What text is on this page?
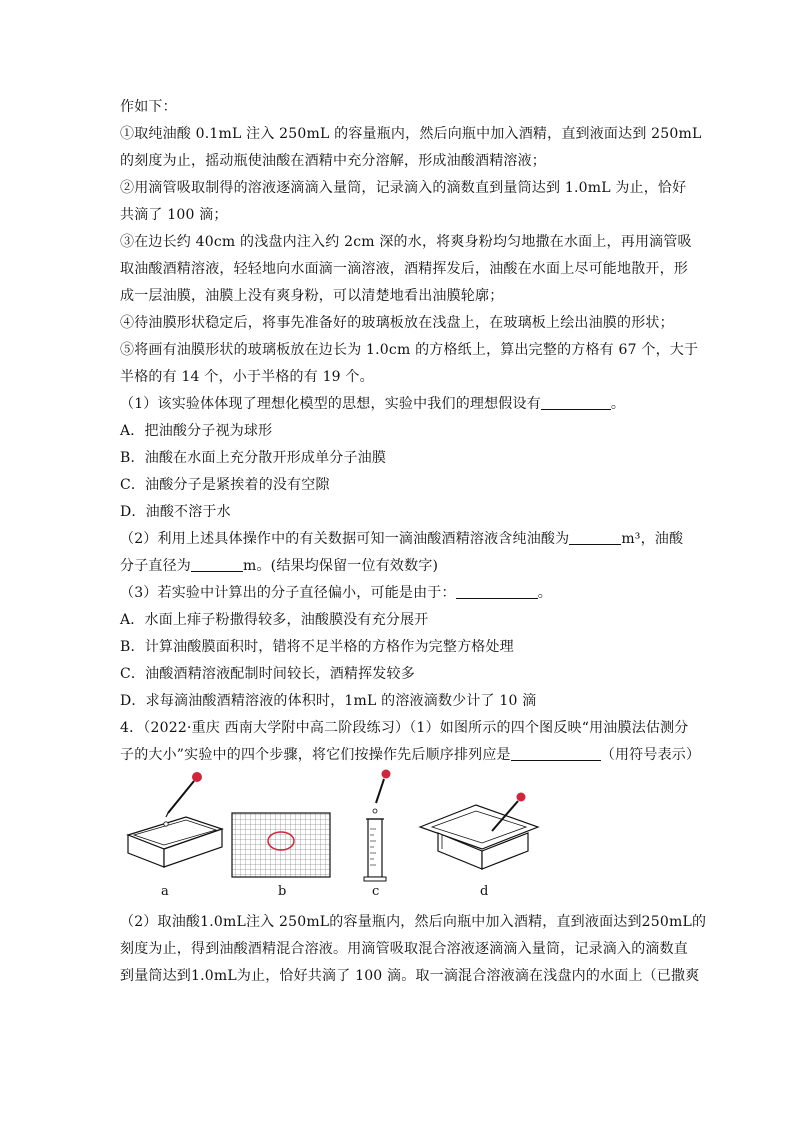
作如下：
①取纯油酸 0.1mL 注入 250mL 的容量瓶内，然后向瓶中加入酒精，直到液面达到 250mL
的刻度为止，摇动瓶使油酸在酒精中充分溶解，形成油酸酒精溶液；
②用滴管吸取制得的溶液逐滴滴入量筒，记录滴入的滴数直到量筒达到 1.0mL 为止，恰好
共滴了 100 滴；
③在边长约 40cm 的浅盘内注入约 2cm 深的水，将爽身粉均匀地撒在水面上，再用滴管吸
取油酸酒精溶液，轻轻地向水面滴一滴溶液，酒精挥发后，油酸在水面上尽可能地散开，形
成一层油膜，油膜上没有爽身粉，可以清楚地看出油膜轮廓；
④待油膜形状稳定后，将事先准备好的玻璃板放在浅盘上，在玻璃板上绘出油膜的形状；
⑤将画有油膜形状的玻璃板放在边长为 1.0cm 的方格纸上，算出完整的方格有 67 个，大于
半格的有 14 个，小于半格的有 19 个。
（1）该实验体体现了理想化模型的思想，实验中我们的理想假设有	。
A．把油酸分子视为球形
B．油酸在水面上充分散开形成单分子油膜
C．油酸分子是紧挨着的没有空隙
D．油酸不溶于水
（2）利用上述具体操作中的有关数据可知一滴油酸酒精溶液含纯油酸为	m³，油酸
分子直径为	m。(结果均保留一位有效数字)
（3）若实验中计算出的分子直径偏小，可能是由于：	。
A．水面上痱子粉撒得较多，油酸膜没有充分展开
B．计算油酸膜面积时，错将不足半格的方格作为完整方格处理
C．油酸酒精溶液配制时间较长，酒精挥发较多
D．求每滴油酸酒精溶液的体积时，1mL 的溶液滴数少计了 10 滴
4．（2022·重庆 西南大学附中高二阶段练习）（1）如图所示的四个图反映“用油膜法估测分
子的大小”实验中的四个步骤，将它们按操作先后顺序排列应是	（用符号表示）
a	b	c	d
（2）取油酸1.0mL注入 250mL的容量瓶内，然后向瓶中加入酒精，直到液面达到250mL的
刻度为止，得到油酸酒精混合溶液。用滴管吸取混合溶液逐滴滴入量筒，记录滴入的滴数直
到量筒达到1.0mL为止，恰好共滴了 100 滴。取一滴混合溶液滴在浅盘内的水面上（已撒爽
